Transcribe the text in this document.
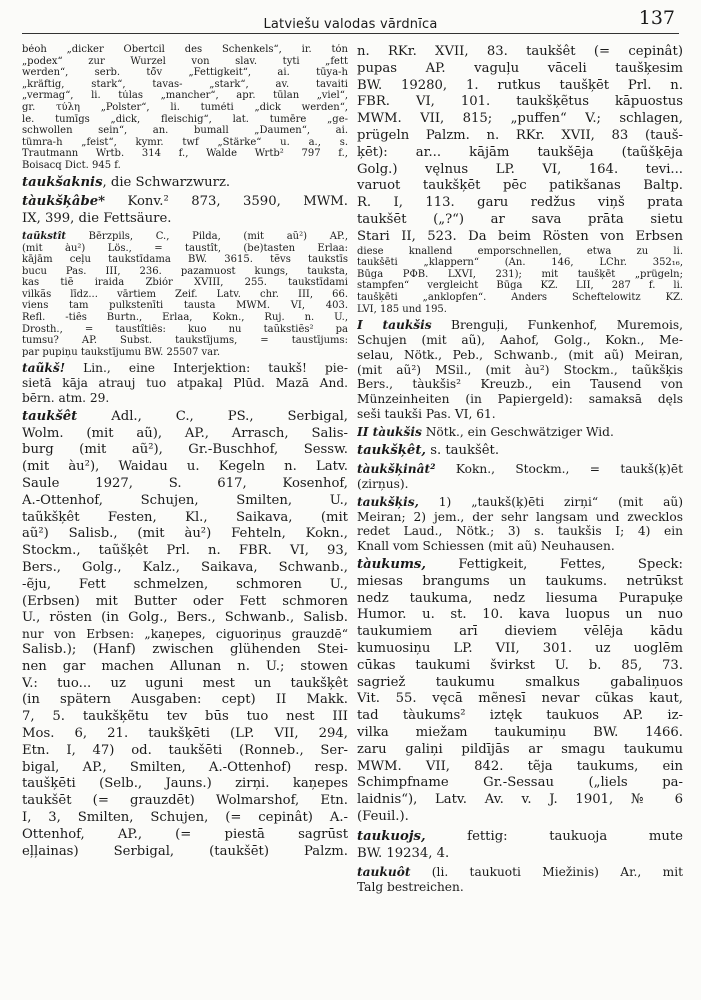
Latviešu valodas vārdnīca	137
ḃéoh „dicker Obertcil des Schenkels“, ir. tón
„podex“ zur Wurzel von slav. tyti „fett
werden“, serb. tô̄v „Fettigkeit“, ai. tūya-ḣ
„kräftig, stark“, tavas- „stark“, av. tavaiti
„vermag“, li. túlas „mancher“, apr. tūlan „viel“,
gr. τύλη „Polster“, li. tuméti „dick werden“,
le. tumīgs „dick, fleischig“, lat. tumēre „ge-
schwollen sein“, an. ḃumall „Daumen“, ai.
tümra-ḣ „feist“, kymr. twf „Stärke“ u. a., s.
Trautmann Wrtb. 314 f., Walde Wrtb² 797 f.,
Boisacq Dict. 945 f.
taukšaknis, die Schwarzwurz.
tàukšķâbe* Konv.² 873, 3590, MWM.
IX, 399, die Fettsäure.
taũkstît Bērzpils, C., Pilda, (mit aũ²) AP.,
(mit àu²) Lös., = taustît, (be)tasten Erlaa:
kājām ceļu taukstīdama BW. 3615. tẽvs taukstīs
bucu Pas. III, 236. pazamuost kungs, taukstа,
kas tiẽ iraida Zbiór XVIII, 255. taukstīdami
vilkãs līdz... vārtiem Zeif. Latv. chr. III, 66.
viens tam pulkstenīti tausta MWM. VI, 403.
Refl. -tiês Burtn., Erlaa, Kokn., Ruj. n. U.,
Drosth., = taustîtiês: kuo nu taũkstiẽs² pa
tumsu? AP. Subst. taukstījums, = taustījums:
par pupiņu taukstījumu BW. 25507 var.
taũkš! Lin., eine Interjektion: taukš! pie-
sietā kāja atrauj tuo atpakaļ Plūd. Mazā And.
bērn. atm. 29.
taukšêt Adl., C., PS., Serbigal,
Wolm. (mit aũ), AP., Arrasch, Salis-
burg (mit aũ²), Gr.-Buschhof, Sessw.
(mit àu²), Waidau u. Kegeln n. Latv.
Saule 1927, S. 617, Kosenhof,
A.-Ottenhof, Schujen, Smilten, U.,
taũkšķêt Festen, Kl., Saikava, (mit
aũ²) Salisb., (mit àu²) Fehteln, Kokn.,
Stockm., taũšķêt Prl. n. FBR. VI, 93,
Bers., Golg., Kalz., Saikava, Schwanb.,
-ẽju, Fett schmelzen, schmoren U.,
(Erbsen) mit Butter oder Fett schmoren
U., rösten (in Golg., Bers., Schwanb., Salisb.
nur von Erbsen: „kaņepes, ciguoriņus grauzdē“
Salisb.); (Hanf) zwischen glühenden Stei-
nen gar machen Allunan n. U.; stowen
V.: tuo... uz uguni mest un taukšķêt
(in spätern Ausgaben: cept) II Makk.
7, 5. taukšķẽtu tev būs tuo nest III
Mos. 6, 21. taukšķēti (LP. VII, 294,
Etn. I, 47) od. taukšēti (Ronneb., Ser-
bigal, AP., Smilten, A.-Ottenhof) resp.
taušķēti (Selb., Jauns.) zirņi. kaņepes
taukšēt (= grauzdēt) Wolmarshof, Etn.
I, 3, Smilten, Schujen, (= cepinât) A.-
Ottenhof, AP., (= piestā sagrūst
eļļainas) Serbigal, (taukšēt) Palzm.
n. RKr. XVII, 83. taukšêt (= cepinât)
pupas AP. vaguļu vāceli taušķesim
BW. 19280, 1. rutkus taušķēt Prl. n.
FBR. VI, 101. taukšķẽtus kāpuostus
MWM. VII, 815; „puffen“ V.; schlagen,
prügeln Palzm. n. RKr. XVII, 83 (tauš-
ķēt): ar... kājām taukšēja (taũšķēja
Golg.) vęlnus LP. VI, 164. tevi...
varuot taukšķēt pēc patikšanas Baltp.
R. I, 113. garu redžus viņš prata
taukšēt („?“) ar sava prāta sietu
Stari II, 523. Da beim Rösten von Erbsen
diese knallend emporschnellen, etwa zu li.
taukšēti „klappern“ (An. 146, LChr. 352₁₆,
Būga PФB. LXVI, 231); mit taušķēt „prügeln;
stampfen“ vergleicht Būga KZ. LII, 287 f. li.
taušķēti „anklopfen“. Anders Scheftelowitz KZ.
LVI, 185 und 195.
I taukšis Brenguļi, Funkenhof, Muremois,
Schujen (mit aũ), Aahof, Golg., Kokn., Me-
selau, Nötk., Peb., Schwanb., (mit aũ) Meiran,
(mit aũ²) MSil., (mit àu²) Stockm., taũkšķis
Bers., tàukšis² Kreuzb., ein Tausend von
Münzeinheiten (in Papiergeld): samaksā dęls
seši taukši Pas. VI, 61.
II tàukšis Nötk., ein Geschwätziger Wid.
taukšķêt, s. taukšêt.
tàukšķinât² Kokn., Stockm., = taukš(ķ)ēt
(zirņus).
taukšķis, 1) „taukš(ķ)ēti zirņi“ (mit aũ)
Meiran; 2) jem., der sehr langsam und zwecklos
redet Laud., Nötk.; 3) s. taukšis I; 4) ein
Knall vom Schiessen (mit aũ) Neuhausen.
tàukums, Fettigkeit, Fettes, Speck:
miesas brangums un taukums. netrūkst
nedz taukuma, nedz liesuma Purapuķe
Humor. u. st. 10. kava luopus un nuo
taukumiem arī dieviem vēlēja kādu
kumuosiņu LP. VII, 301. uz uoglēm
cūkas taukumi švirkst U. b. 85, 73.
sagriež taukumu smalkus gabaliņuos
Vit. 55. vęcā mẽnesī nevar cũkas kaut,
tad tàukums² iztęk taukuos AP. iz-
vilka miežam taukumiņu BW. 1466.
zaru galiņi pildījās ar smagu taukumu
MWM. VII, 842. tẽja taukums, ein
Schimpfname Gr.-Sessau („liels pa-
laidnis“), Latv. Av. v. J. 1901, № 6
(Feuil.).
taukuojs, fettig: taukuoja mute
BW. 19234, 4.
taukuôt (li. taukuoti Miežinis) Ar., mit
Talg bestreichen.
